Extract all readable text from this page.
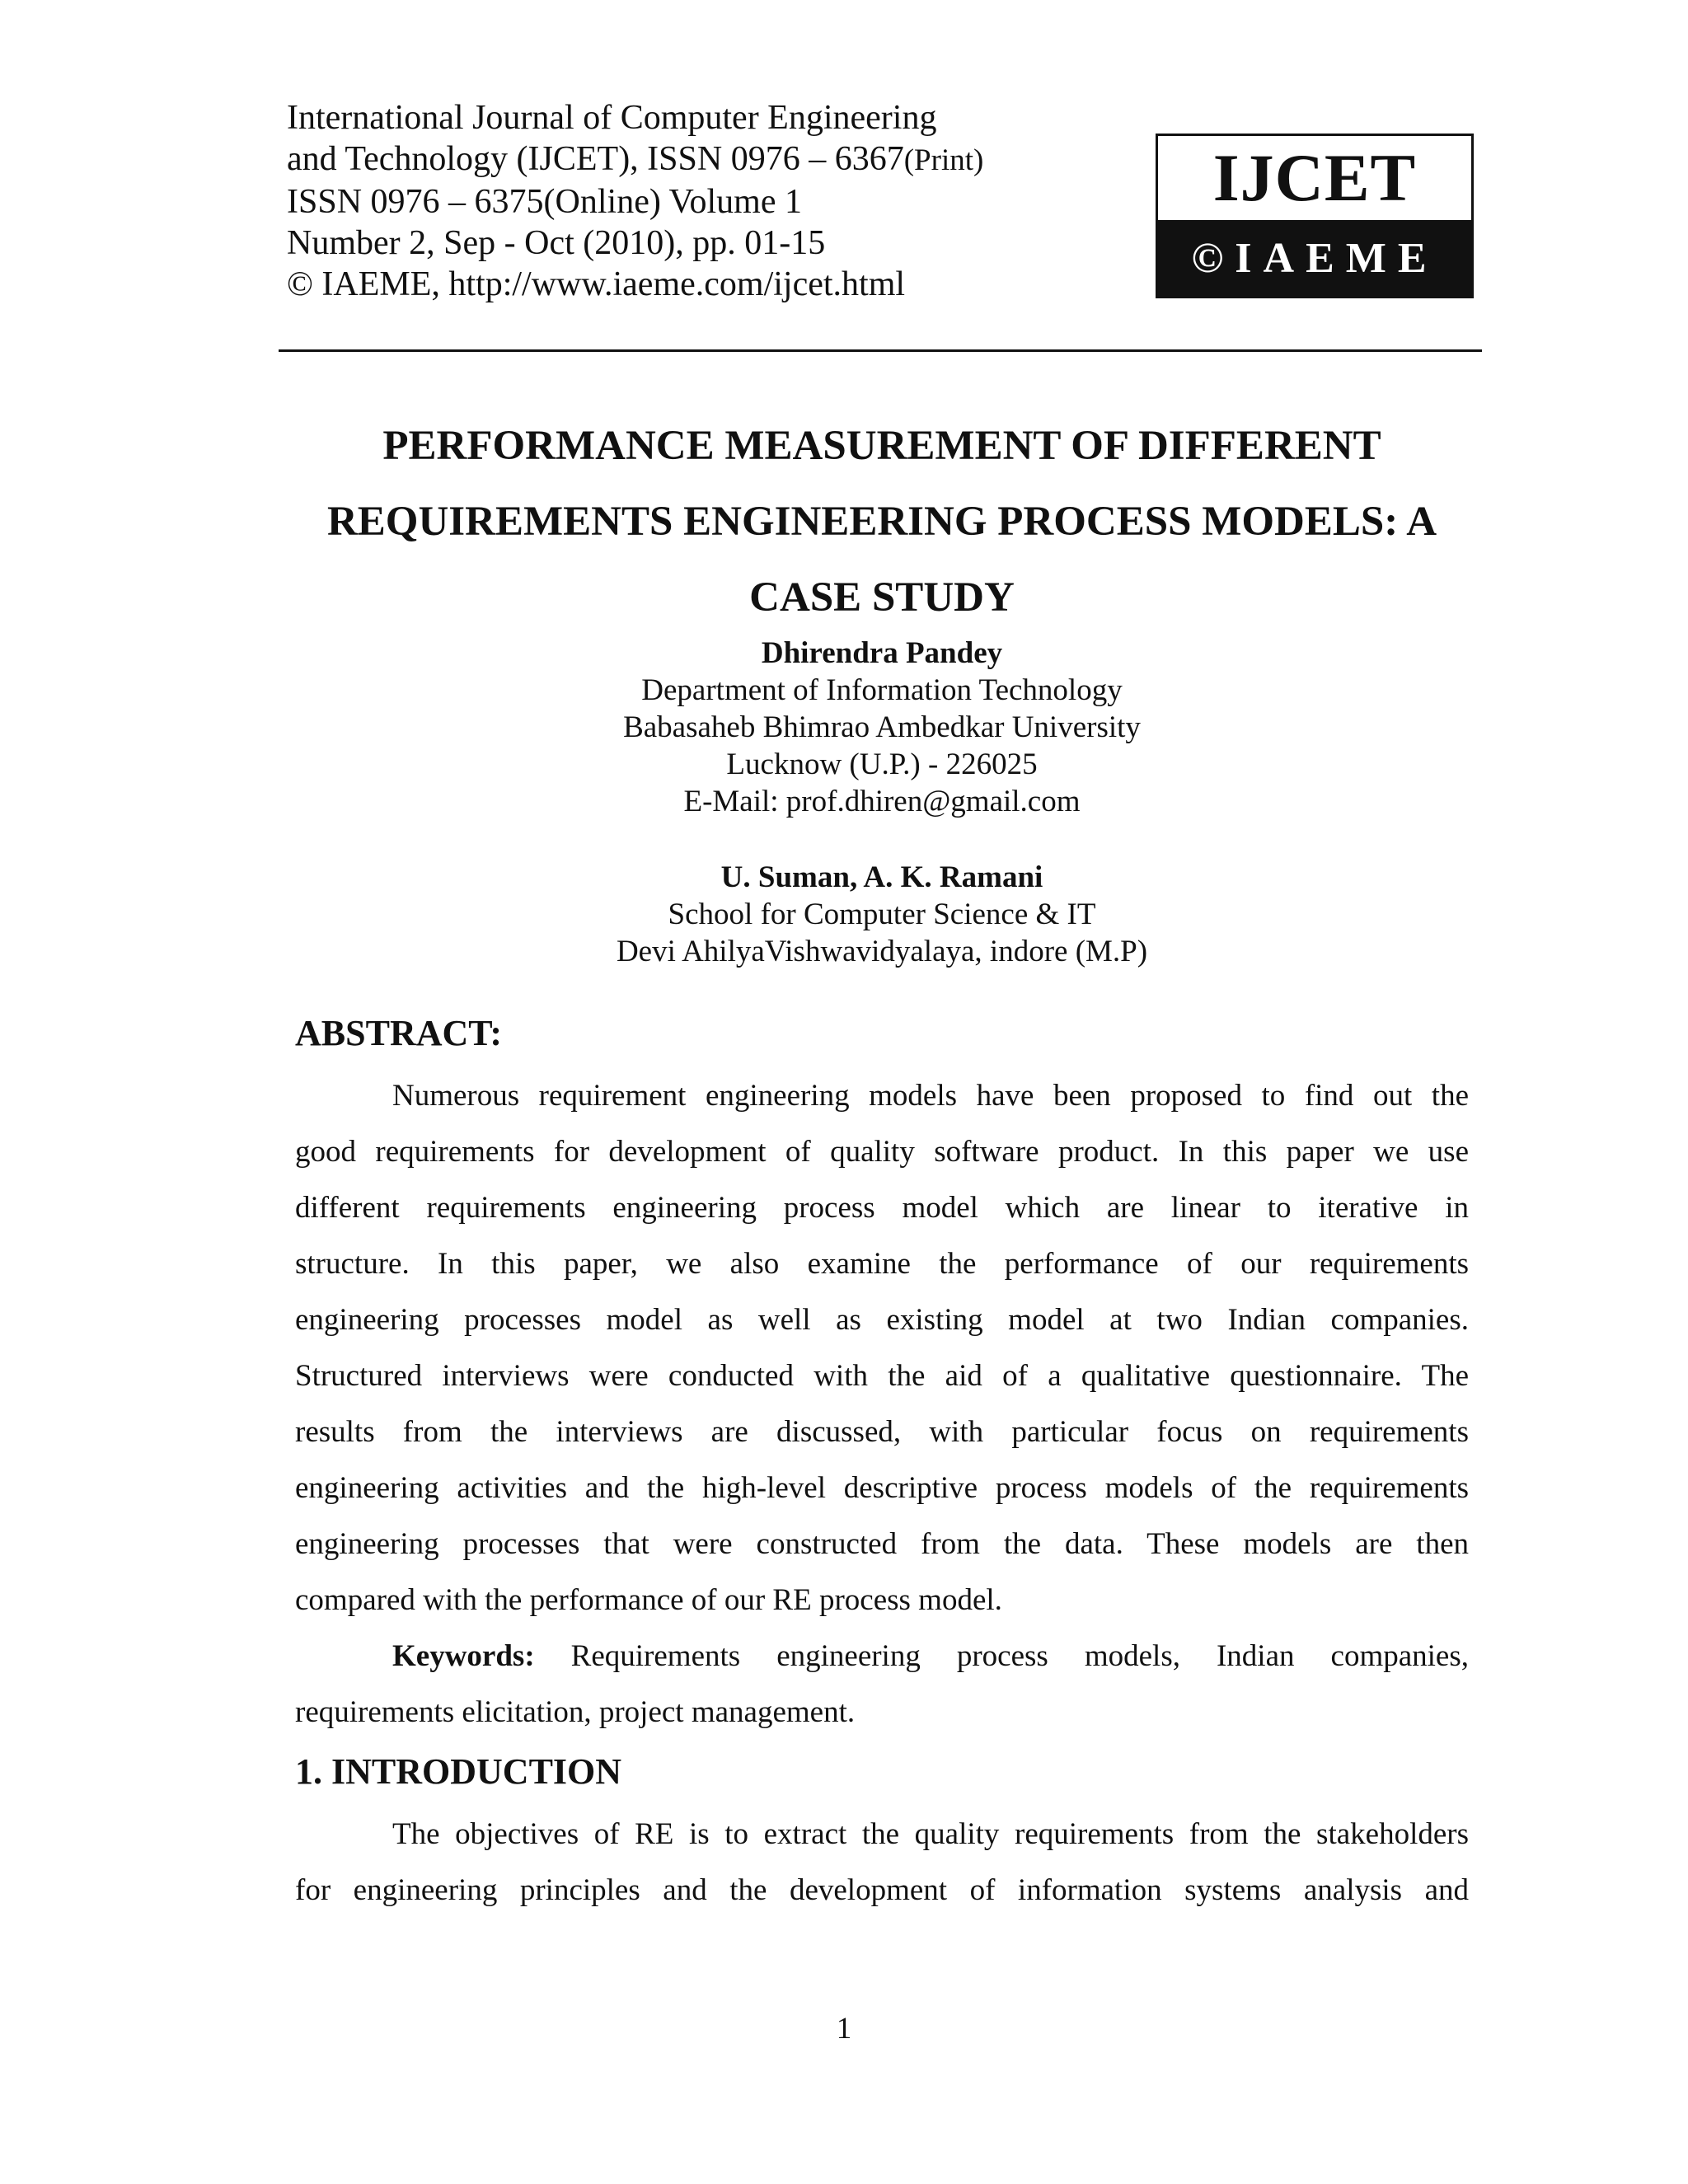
International Journal of Computer Engineering
and Technology (IJCET), ISSN 0976 – 6367(Print)
ISSN 0976 – 6375(Online) Volume 1
Number 2, Sep - Oct (2010), pp. 01-15
© IAEME, http://www.iaeme.com/ijcet.html
IJCET
©IAEME
PERFORMANCE MEASUREMENT OF DIFFERENT
REQUIREMENTS ENGINEERING PROCESS MODELS: A
CASE STUDY
Dhirendra Pandey
Department of Information Technology
Babasaheb Bhimrao Ambedkar University
Lucknow (U.P.) - 226025
E-Mail: prof.dhiren@gmail.com
U. Suman, A. K. Ramani
School for Computer Science & IT
Devi AhilyaVishwavidyalaya, indore (M.P)
ABSTRACT:
Numerous requirement engineering models have been proposed to find out the
good requirements for development of quality software product. In this paper we use
different requirements engineering process model which are linear to iterative in
structure. In this paper, we also examine the performance of our requirements
engineering processes model as well as existing model at two Indian companies.
Structured interviews were conducted with the aid of a qualitative questionnaire. The
results from the interviews are discussed, with particular focus on requirements
engineering activities and the high-level descriptive process models of the requirements
engineering processes that were constructed from the data. These models are then
compared with the performance of our RE process model.
Keywords: Requirements engineering process models, Indian companies,
requirements elicitation, project management.
1. INTRODUCTION
The objectives of RE is to extract the quality requirements from the stakeholders
for engineering principles and the development of information systems analysis and
1
